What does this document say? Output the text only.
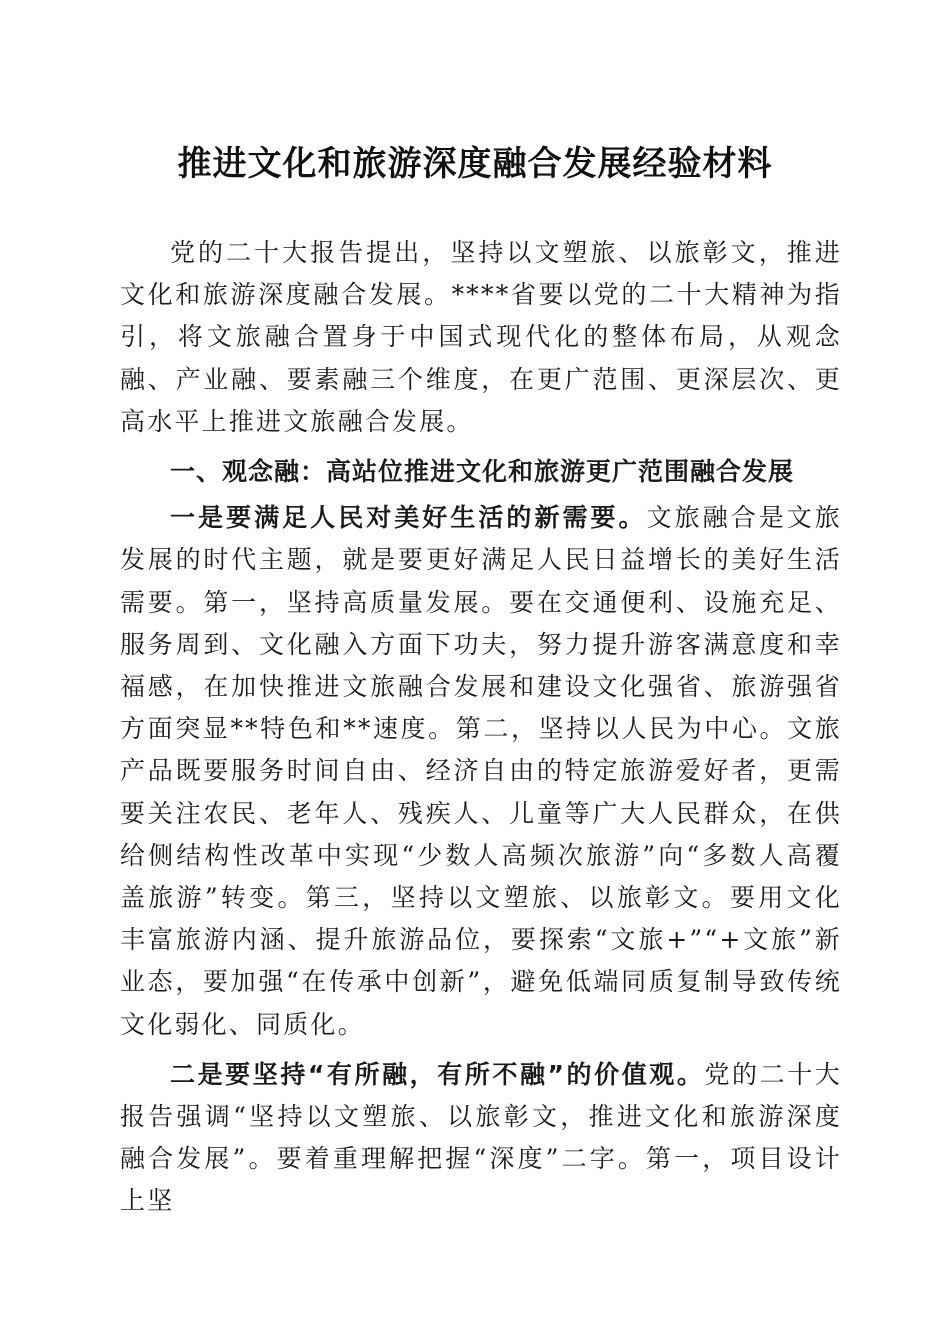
推进文化和旅游深度融合发展经验材料

党的二十大报告提出，坚持以文塑旅、以旅彰文，推进文化和旅游深度融合发展。****省要以党的二十大精神为指引，将文旅融合置身于中国式现代化的整体布局，从观念融、产业融、要素融三个维度，在更广范围、更深层次、更高水平上推进文旅融合发展。

一、观念融：高站位推进文化和旅游更广范围融合发展

一是要满足人民对美好生活的新需要。文旅融合是文旅发展的时代主题，就是要更好满足人民日益增长的美好生活需要。第一，坚持高质量发展。要在交通便利、设施充足、服务周到、文化融入方面下功夫，努力提升游客满意度和幸福感，在加快推进文旅融合发展和建设文化强省、旅游强省方面突显**特色和**速度。第二，坚持以人民为中心。文旅产品既要服务时间自由、经济自由的特定旅游爱好者，更需要关注农民、老年人、残疾人、儿童等广大人民群众，在供给侧结构性改革中实现“少数人高频次旅游”向“多数人高覆盖旅游”转变。第三，坚持以文塑旅、以旅彰文。要用文化丰富旅游内涵、提升旅游品位，要探索“文旅+”“+文旅”新业态，要加强“在传承中创新”，避免低端同质复制导致传统文化弱化、同质化。

二是要坚持“有所融，有所不融”的价值观。党的二十大报告强调“坚持以文塑旅、以旅彰文，推进文化和旅游深度融合发展”。要着重理解把握“深度”二字。第一，项目设计上坚
